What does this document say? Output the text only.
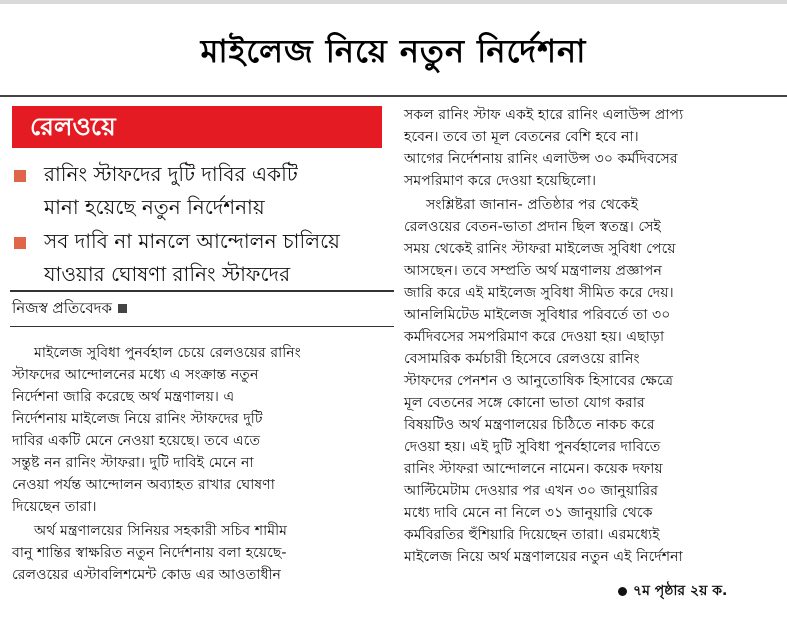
মাইলেজ নিয়ে নতুন নির্দেশনা
রেলওয়ে
রানিং স্টাফদের দুটি দাবির একটি
মানা হয়েছে নতুন নির্দেশনায়
সব দাবি না মানলে আন্দোলন চালিয়ে
যাওয়ার ঘোষণা রানিং স্টাফদের
নিজস্ব প্রতিবেদক
মাইলেজ সুবিধা পুনর্বহাল চেয়ে রেলওয়ের রানিং
স্টাফদের আন্দোলনের মধ্যে এ সংক্রান্ত নতুন
নির্দেশনা জারি করেছে অর্থ মন্ত্রণালয়। এ
নির্দেশনায় মাইলেজ নিয়ে রানিং স্টাফদের দুটি
দাবির একটি মেনে নেওয়া হয়েছে। তবে এতে
সন্তুষ্ট নন রানিং স্টাফরা। দুটি দাবিই মেনে না
নেওয়া পর্যন্ত আন্দোলন অব্যাহত রাখার ঘোষণা
দিয়েছেন তারা।
অর্থ মন্ত্রণালয়ের সিনিয়র সহকারী সচিব শামীম
বানু শান্তির স্বাক্ষরিত নতুন নির্দেশনায় বলা হয়েছে-
রেলওয়ের এস্টাবলিশমেন্ট কোড এর আওতাধীন
সকল রানিং স্টাফ একই হারে রানিং এলাউন্স প্রাপ্য
হবেন। তবে তা মূল বেতনের বেশি হবে না।
আগের নির্দেশনায় রানিং এলাউন্স ৩০ কর্মদিবসের
সমপরিমাণ করে দেওয়া হয়েছিলো।
সংশ্লিষ্টরা জানান- প্রতিষ্ঠার পর থেকেই
রেলওয়ের বেতন-ভাতা প্রদান ছিল স্বতন্ত্র। সেই
সময় থেকেই রানিং স্টাফরা মাইলেজ সুবিধা পেয়ে
আসছেন। তবে সম্প্রতি অর্থ মন্ত্রণালয় প্রজ্ঞাপন
জারি করে এই মাইলেজ সুবিধা সীমিত করে দেয়।
আনলিমিটেড মাইলেজ সুবিধার পরিবর্তে তা ৩০
কর্মদিবসের সমপরিমাণ করে দেওয়া হয়। এছাড়া
বেসামরিক কর্মচারী হিসেবে রেলওয়ে রানিং
স্টাফদের পেনশন ও আনুতোষিক হিসাবের ক্ষেত্রে
মূল বেতনের সঙ্গে কোনো ভাতা যোগ করার
বিষয়টিও অর্থ মন্ত্রণালয়ের চিঠিতে নাকচ করে
দেওয়া হয়। এই দুটি সুবিধা পুনর্বহালের দাবিতে
রানিং স্টাফরা আন্দোলনে নামেন। কয়েক দফায়
আল্টিমেটাম দেওয়ার পর এখন ৩০ জানুয়ারির
মধ্যে দাবি মেনে না নিলে ৩১ জানুয়ারি থেকে
কর্মবিরতির হুঁশিয়ারি দিয়েছেন তারা। এরমধ্যেই
মাইলেজ নিয়ে অর্থ মন্ত্রণালয়ের নতুন এই নির্দেশনা
৭ম পৃষ্ঠার ২য় ক.
